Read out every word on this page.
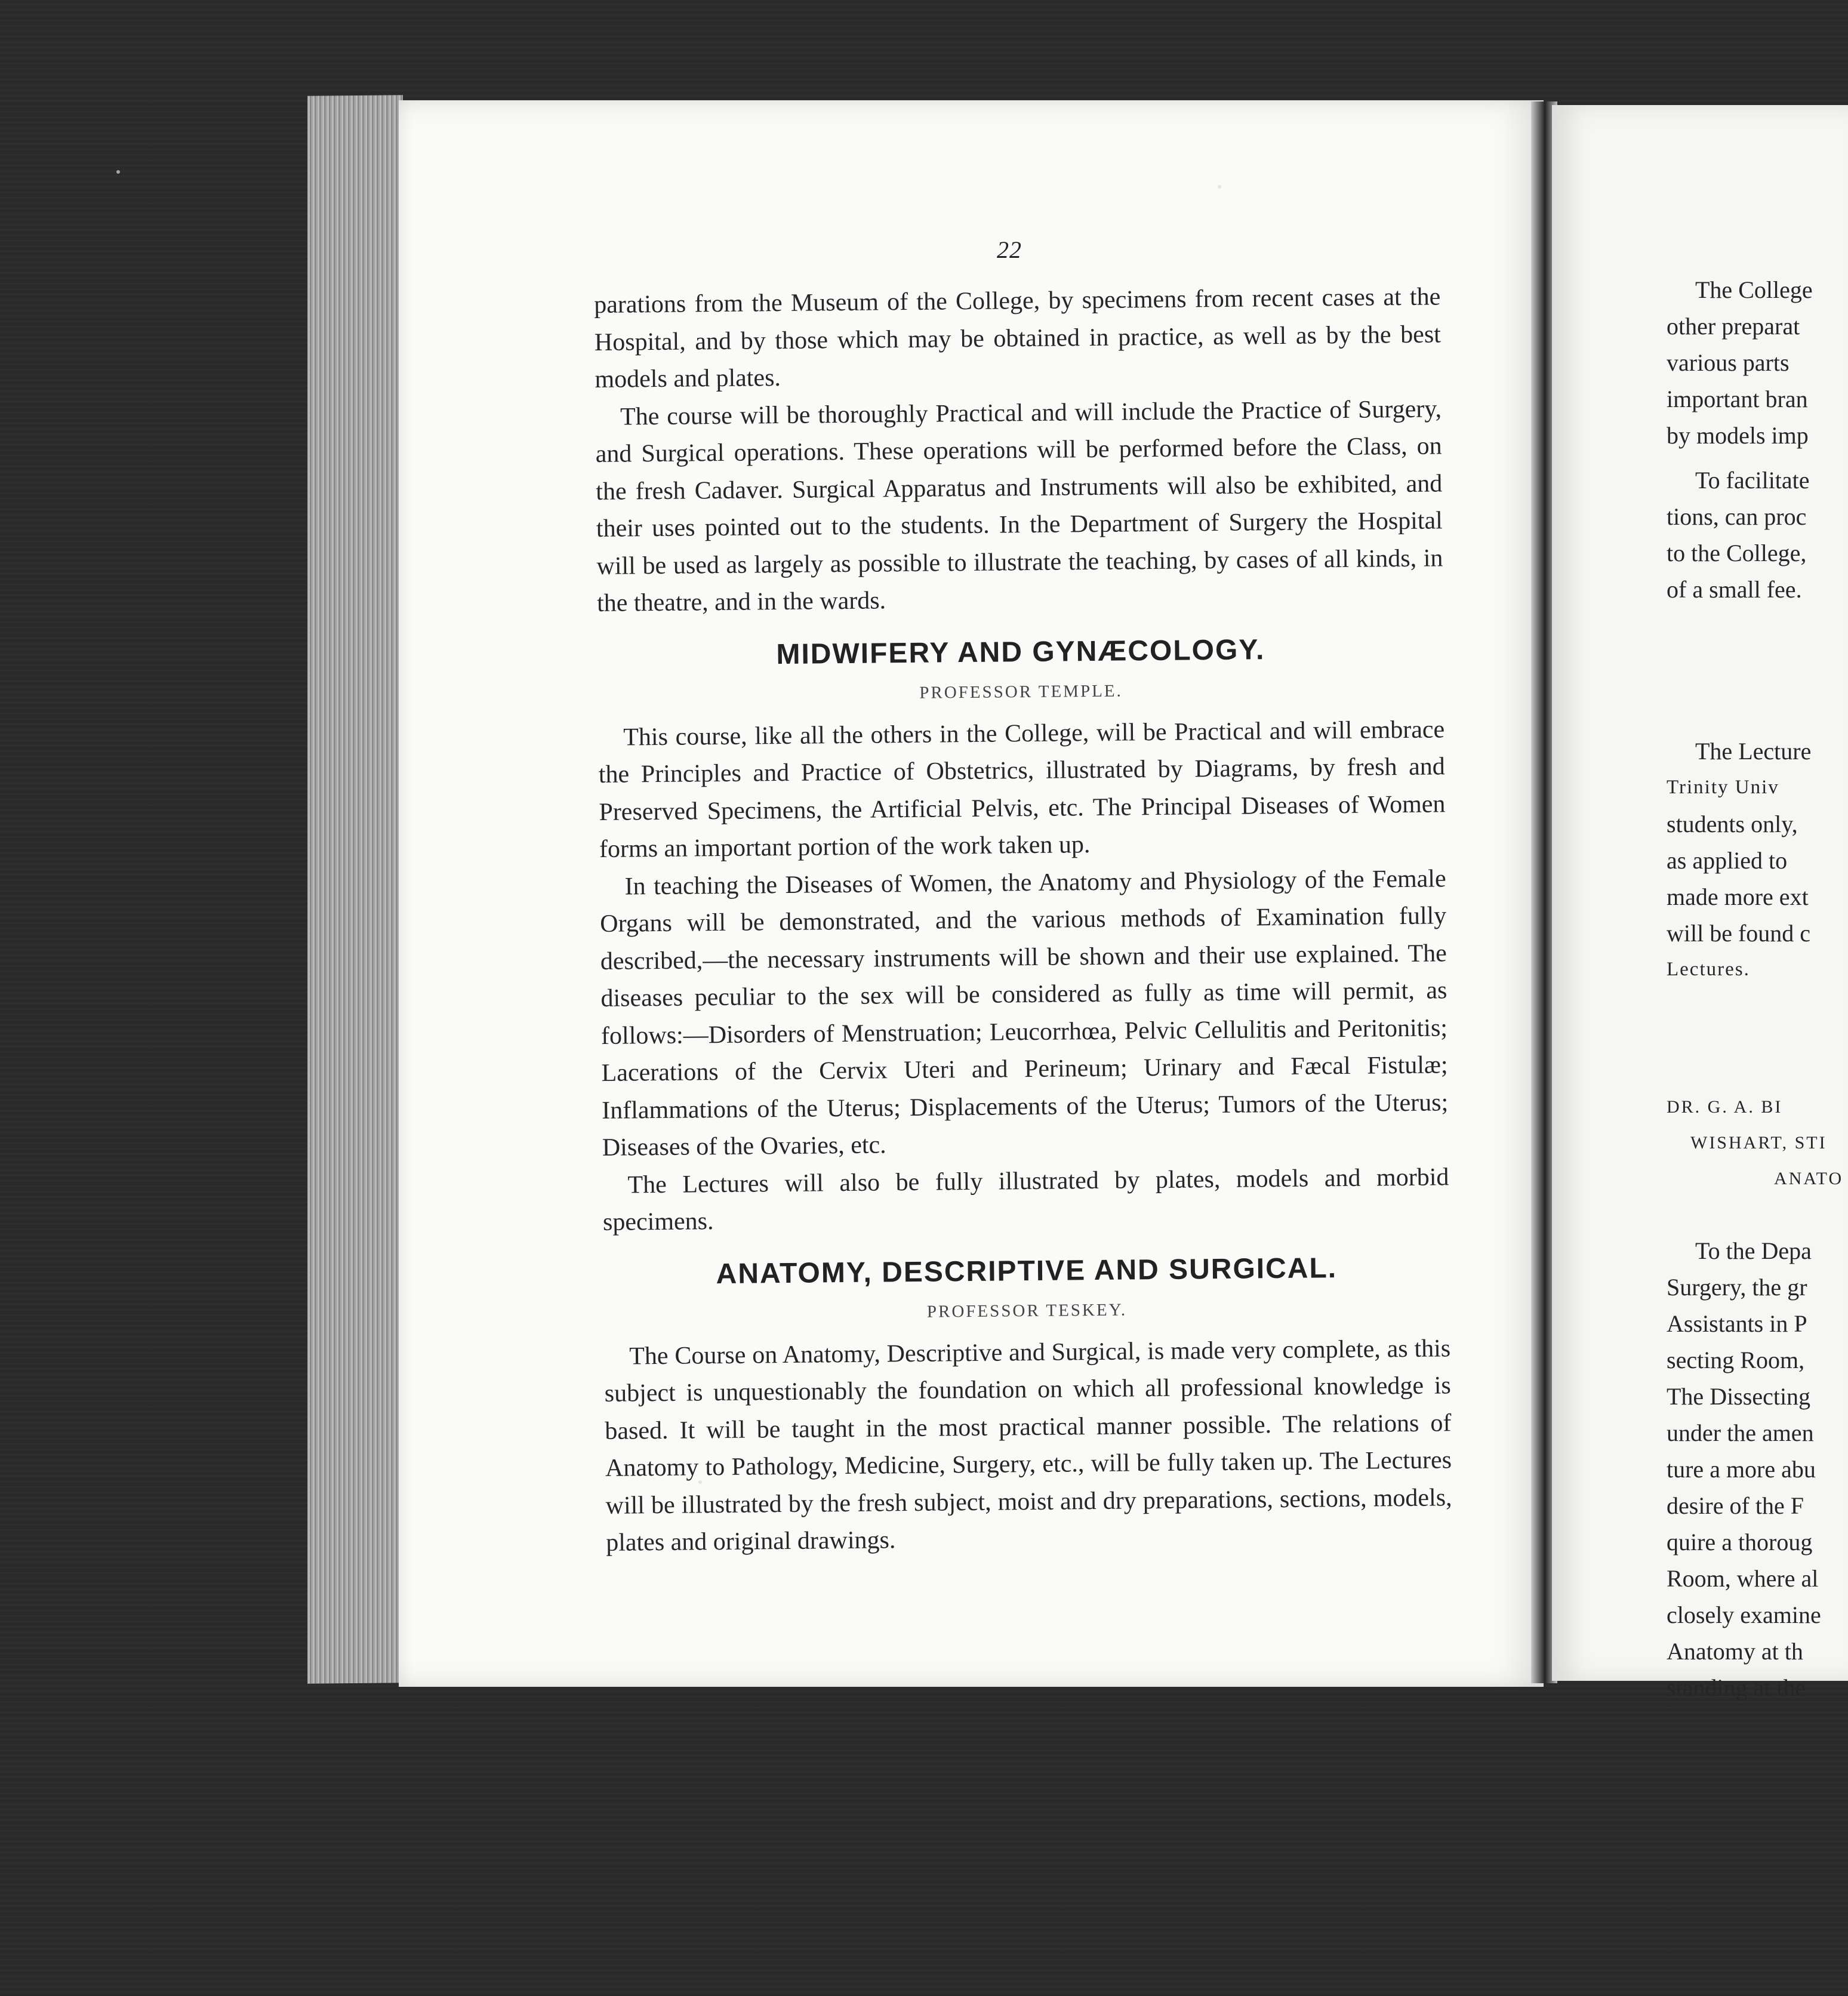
22

parations from the Museum of the College, by specimens from recent cases at the Hospital, and by those which may be obtained in practice, as well as by the best models and plates.

The course will be thoroughly Practical and will include the Practice of Surgery, and Surgical operations. These operations will be performed before the Class, on the fresh Cadaver. Surgical Apparatus and Instruments will also be exhibited, and their uses pointed out to the students. In the Department of Surgery the Hospital will be used as largely as possible to illustrate the teaching, by cases of all kinds, in the theatre, and in the wards.

MIDWIFERY AND GYNÆCOLOGY.
PROFESSOR TEMPLE.

This course, like all the others in the College, will be Practical and will embrace the Principles and Practice of Obstetrics, illustrated by Diagrams, by fresh and Preserved Specimens, the Artificial Pelvis, etc. The Principal Diseases of Women forms an important portion of the work taken up.

In teaching the Diseases of Women, the Anatomy and Physiology of the Female Organs will be demonstrated, and the various methods of Examination fully described,—the necessary instruments will be shown and their use explained. The diseases peculiar to the sex will be considered as fully as time will permit, as follows:—Disorders of Menstruation; Leucorrhœa, Pelvic Cellulitis and Peritonitis; Lacerations of the Cervix Uteri and Perineum; Urinary and Fæcal Fistulæ; Inflammations of the Uterus; Displacements of the Uterus; Tumors of the Uterus; Diseases of the Ovaries, etc.

The Lectures will also be fully illustrated by plates, models and morbid specimens.

ANATOMY, DESCRIPTIVE AND SURGICAL.
PROFESSOR TESKEY.

The Course on Anatomy, Descriptive and Surgical, is made very complete, as this subject is unquestionably the foundation on which all professional knowledge is based. It will be taught in the most practical manner possible. The relations of Anatomy to Pathology, Medicine, Surgery, etc., will be fully taken up. The Lectures will be illustrated by the fresh subject, moist and dry preparations, sections, models, plates and original drawings.

The College
other preparat
various parts
important bran
by models imp
To facilitate
tions, can proc
to the College,
of a small fee.
The Lecture
Trinity Univ
students only,
as applied to
made more ext
will be found c
Lectures.
DR. G. A. BI
WISHART, STI
ANATO
To the Depa
Surgery, the gr
Assistants in P
secting Room,
The Dissecting
under the amen
ture a more abu
desire of the F
quire a thoroug
Room, where al
closely examine
Anatomy at th
standing at the
